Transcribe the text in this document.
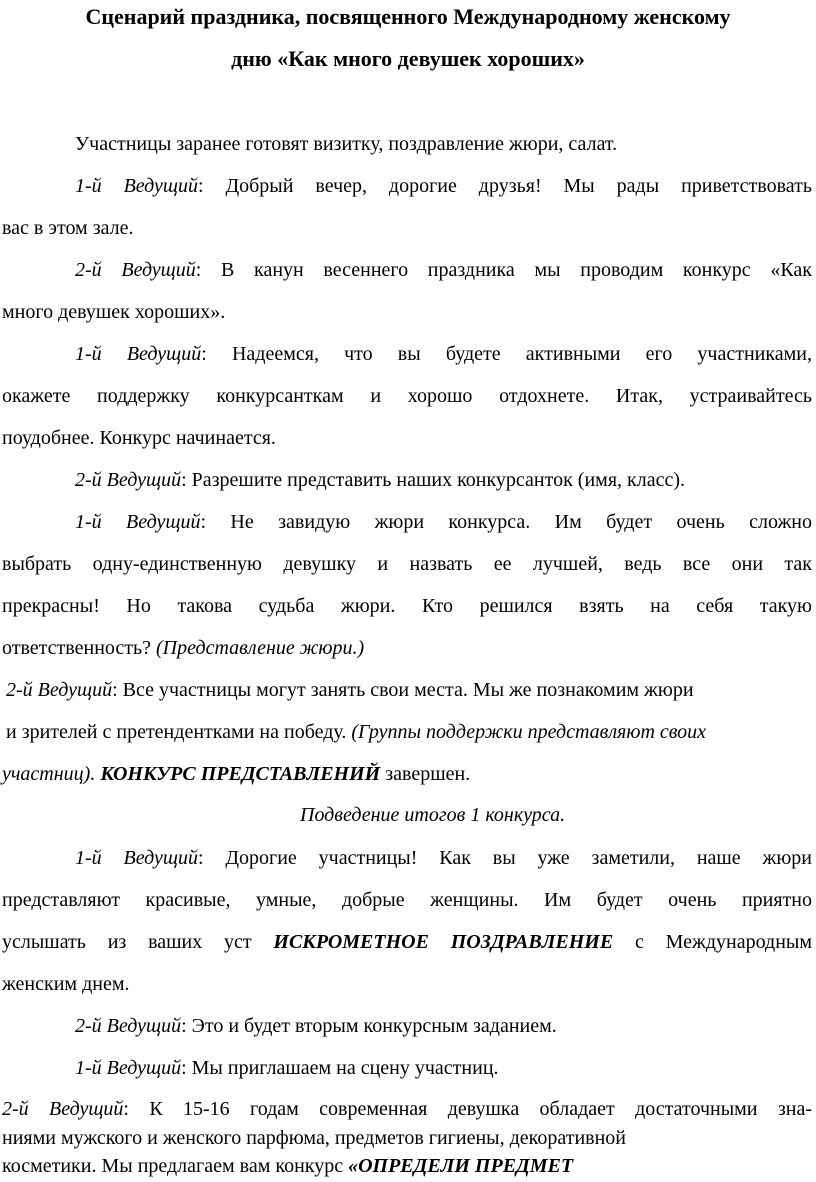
Сценарий праздника, посвященного Международному женскому
дню «Как много девушек хороших»
Участницы заранее готовят визитку, поздравление жюри, салат.
1-й Ведущий: Добрый вечер, дорогие друзья! Мы рады приветствовать
вас в этом зале.
2-й Ведущий: В канун весеннего праздника мы проводим конкурс «Как
много девушек хороших».
1-й Ведущий: Надеемся, что вы будете активными его участниками,
окажете поддержку конкурсанткам и хорошо отдохнете. Итак, устраивайтесь
поудобнее. Конкурс начинается.
2-й Ведущий: Разрешите представить наших конкурсанток (имя, класс).
1-й Ведущий: Не завидую жюри конкурса. Им будет очень сложно
выбрать одну-единственную девушку и назвать ее лучшей, ведь все они так
прекрасны! Но такова судьба жюри. Кто решился взять на себя такую
ответственность? (Представление жюри.)
2-й Ведущий: Все участницы могут занять свои места. Мы же познакомим жюри
и зрителей с претендентками на победу. (Группы поддержки представляют своих
участниц). КОНКУРС ПРЕДСТАВЛЕНИЙ завершен.
Подведение итогов 1 конкурса.
1-й Ведущий: Дорогие участницы! Как вы уже заметили, наше жюри
представляют красивые, умные, добрые женщины. Им будет очень приятно
услышать из ваших уст ИСКРОМЕТНОЕ ПОЗДРАВЛЕНИЕ с Международным
женским днем.
2-й Ведущий: Это и будет вторым конкурсным заданием.
1-й Ведущий: Мы приглашаем на сцену участниц.
2-й Ведущий: К 15-16 годам современная девушка обладает достаточными зна-
ниями мужского и женского парфюма, предметов гигиены, декоративной
косметики. Мы предлагаем вам конкурс «ОПРЕДЕЛИ ПРЕДМЕТ
